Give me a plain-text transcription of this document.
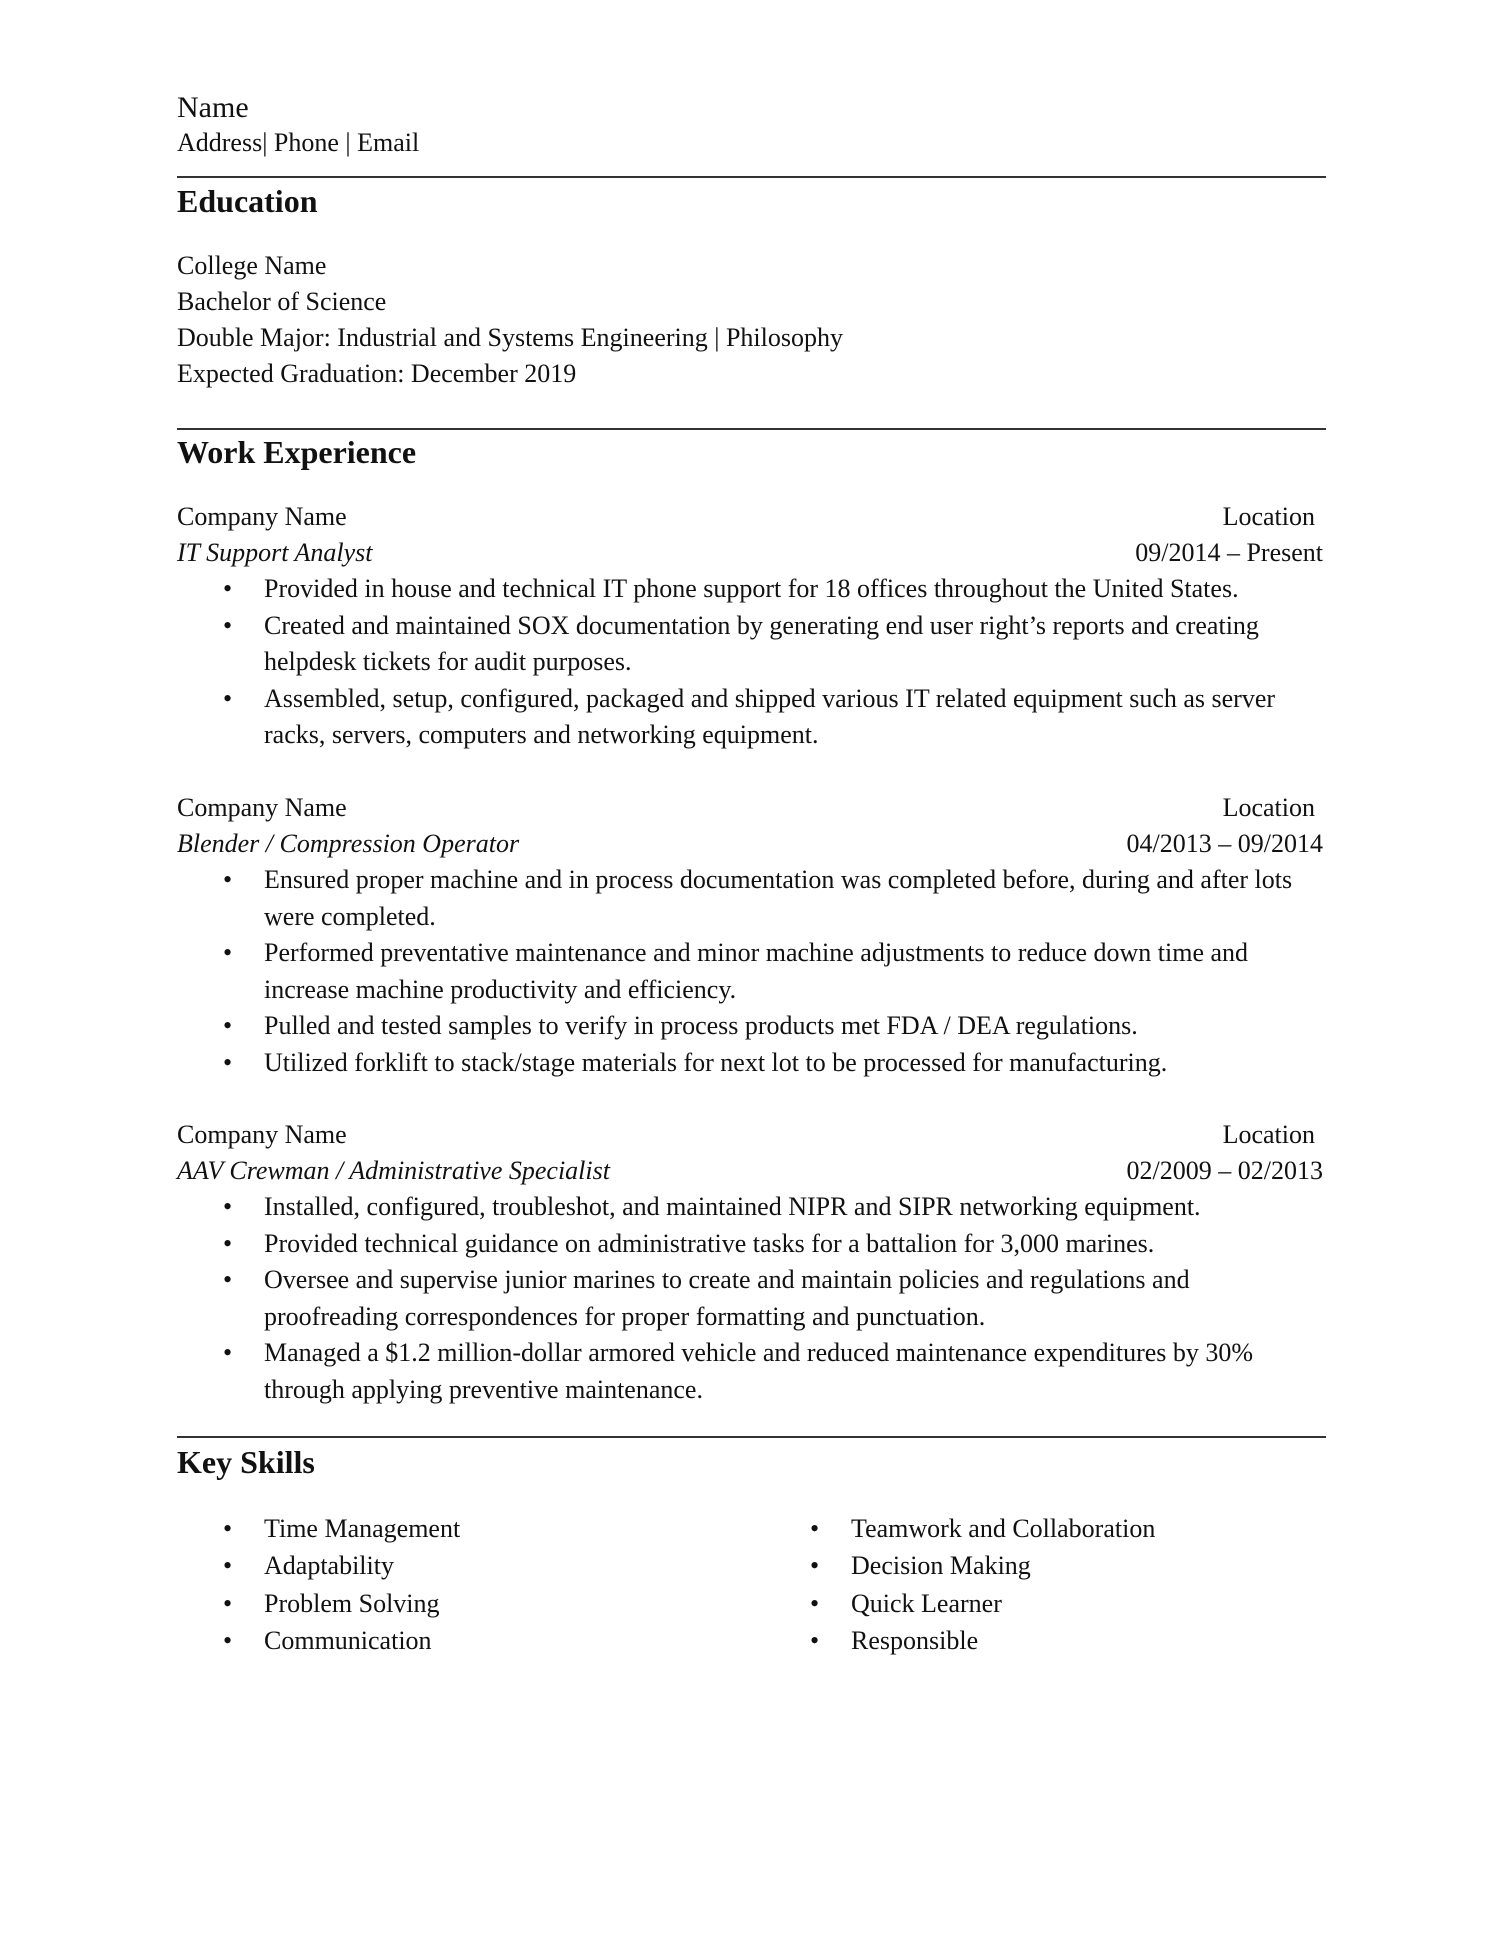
Name
Address| Phone | Email
Education
College Name
Bachelor of Science
Double Major: Industrial and Systems Engineering | Philosophy
Expected Graduation: December 2019
Work Experience
Company Name	Location
IT Support Analyst	09/2014 – Present
• Provided in house and technical IT phone support for 18 offices throughout the United States.
• Created and maintained SOX documentation by generating end user right’s reports and creating helpdesk tickets for audit purposes.
• Assembled, setup, configured, packaged and shipped various IT related equipment such as server racks, servers, computers and networking equipment.
Company Name	Location
Blender / Compression Operator	04/2013 – 09/2014
• Ensured proper machine and in process documentation was completed before, during and after lots were completed.
• Performed preventative maintenance and minor machine adjustments to reduce down time and increase machine productivity and efficiency.
• Pulled and tested samples to verify in process products met FDA / DEA regulations.
• Utilized forklift to stack/stage materials for next lot to be processed for manufacturing.
Company Name	Location
AAV Crewman / Administrative Specialist	02/2009 – 02/2013
• Installed, configured, troubleshot, and maintained NIPR and SIPR networking equipment.
• Provided technical guidance on administrative tasks for a battalion for 3,000 marines.
• Oversee and supervise junior marines to create and maintain policies and regulations and proofreading correspondences for proper formatting and punctuation.
• Managed a $1.2 million-dollar armored vehicle and reduced maintenance expenditures by 30% through applying preventive maintenance.
Key Skills
• Time Management
• Adaptability
• Problem Solving
• Communication
• Teamwork and Collaboration
• Decision Making
• Quick Learner
• Responsible
